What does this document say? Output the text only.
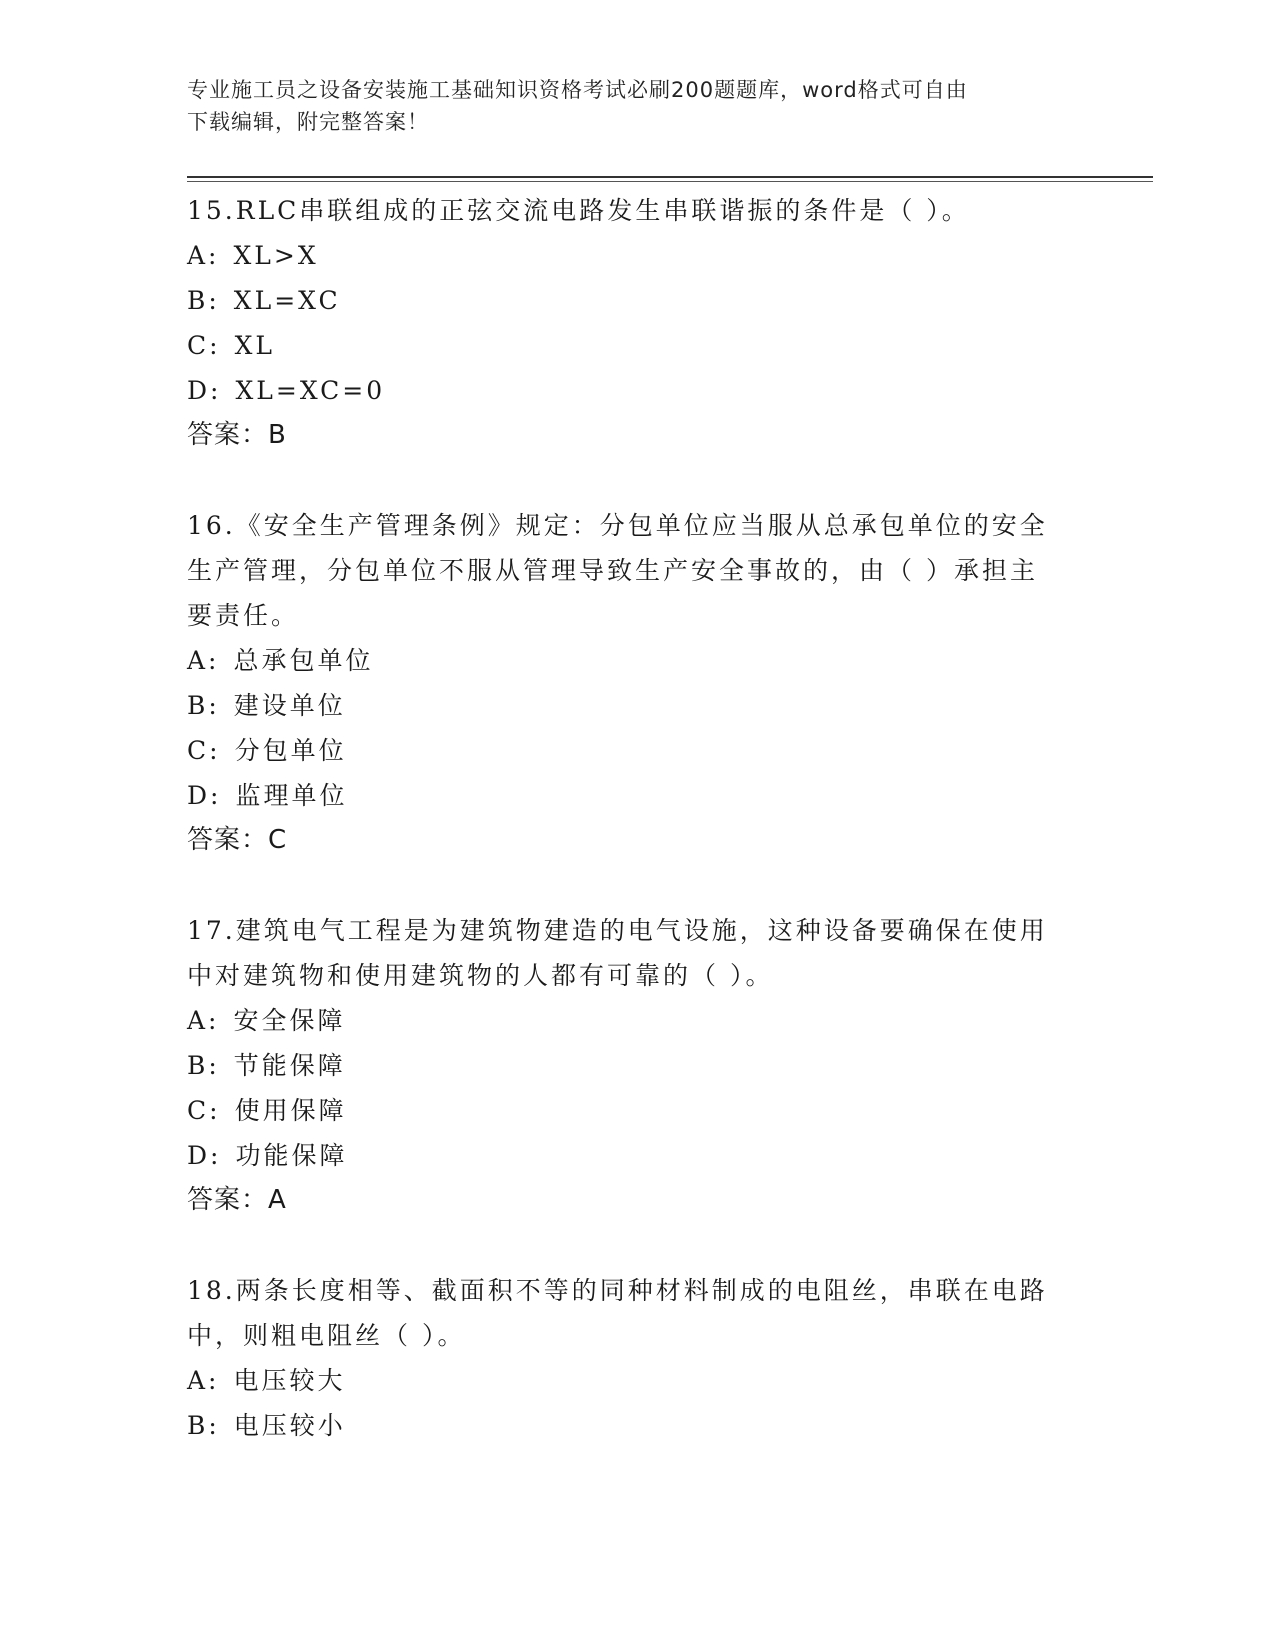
专业施工员之设备安装施工基础知识资格考试必刷200题题库，word格式可自由
下载编辑，附完整答案！

15.RLC串联组成的正弦交流电路发生串联谐振的条件是（ ）。

A: XL>X

B: XL=XC

C: XL

D: XL=XC=0

答案：B

16.《安全生产管理条例》规定：分包单位应当服从总承包单位的安全

生产管理，分包单位不服从管理导致生产安全事故的，由（ ）承担主

要责任。

A: 总承包单位

B: 建设单位

C: 分包单位

D: 监理单位

答案：C

17.建筑电气工程是为建筑物建造的电气设施，这种设备要确保在使用

中对建筑物和使用建筑物的人都有可靠的（ ）。

A: 安全保障

B: 节能保障

C: 使用保障

D: 功能保障

答案：A

18.两条长度相等、截面积不等的同种材料制成的电阻丝，串联在电路

中，则粗电阻丝（ ）。

A: 电压较大

B: 电压较小
